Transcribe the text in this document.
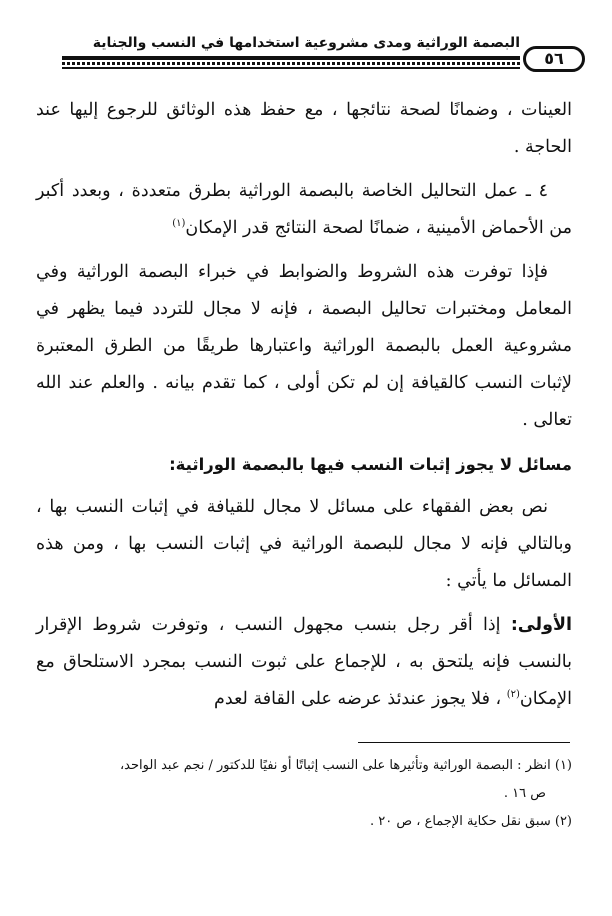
البصمة الوراثية ومدى مشروعية استخدامها في النسب والجناية
٥٦

العينات ، وضمانًا لصحة نتائجها ، مع حفظ هذه الوثائق للرجوع إليها عند الحاجة .

٤ ـ عمل التحاليل الخاصة بالبصمة الوراثية بطرق متعددة ، وبعدد أكبر من الأحماض الأمينية ، ضمانًا لصحة النتائج قدر الإمكان$^{(١)}$

فإذا توفرت هذه الشروط والضوابط في خبراء البصمة الوراثية وفي المعامل ومختبرات تحاليل البصمة ، فإنه لا مجال للتردد فيما يظهر في مشروعية العمل بالبصمة الوراثية واعتبارها طريقًا من الطرق المعتبرة لإثبات النسب كالقيافة إن لم تكن أولى ، كما تقدم بيانه . والعلم عند الله تعالى .

مسائل لا يجوز إثبات النسب فيها بالبصمة الوراثية:

نص بعض الفقهاء على مسائل لا مجال للقيافة في إثبات النسب بها ، وبالتالي فإنه لا مجال للبصمة الوراثية في إثبات النسب بها ، ومن هذه المسائل ما يأتي :

الأولى: إذا أقر رجل بنسب مجهول النسب ، وتوفرت شروط الإقرار بالنسب فإنه يلتحق به ، للإجماع على ثبوت النسب بمجرد الاستلحاق مع الإمكان$^{(٢)}$ ، فلا يجوز عندئذ عرضه على القافة لعدم

(١) انظر : البصمة الوراثية وتأثيرها على النسب إثباتًا أو نفيًا للدكتور / نجم عبد الواحد،
ص ١٦ .
(٢) سبق نقل حكاية الإجماع ، ص ٢٠ .
